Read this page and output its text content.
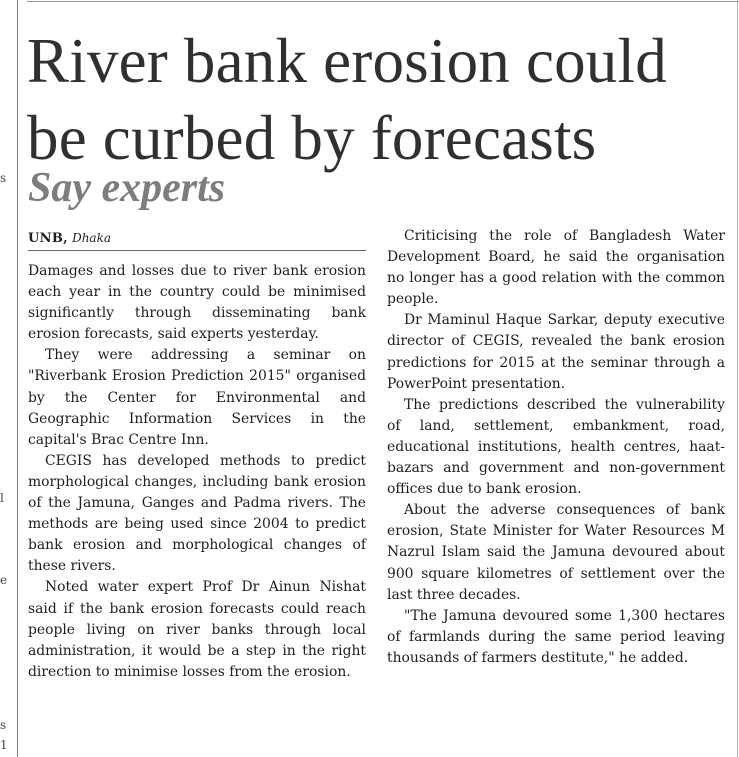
s
l
e
s
1
River bank erosion could be curbed by forecasts
Say experts
UNB, Dhaka

Damages and losses due to river bank erosion each year in the country could be minimised significantly through disseminating bank erosion forecasts, said experts yesterday.

They were addressing a seminar on "Riverbank Erosion Prediction 2015" organised by the Center for Environmental and Geographic Information Services in the capital's Brac Centre Inn.

CEGIS has developed methods to predict morphological changes, including bank erosion of the Jamuna, Ganges and Padma rivers. The methods are being used since 2004 to predict bank erosion and morphological changes of these rivers.

Noted water expert Prof Dr Ainun Nishat said if the bank erosion forecasts could reach people living on river banks through local administration, it would be a step in the right direction to minimise losses from the erosion.

Criticising the role of Bangladesh Water Development Board, he said the organisation no longer has a good relation with the common people.

Dr Maminul Haque Sarkar, deputy executive director of CEGIS, revealed the bank erosion predictions for 2015 at the seminar through a PowerPoint presentation.

The predictions described the vulnerability of land, settlement, embankment, road, educational institutions, health centres, haat-bazars and government and non-government offices due to bank erosion.

About the adverse consequences of bank erosion, State Minister for Water Resources M Nazrul Islam said the Jamuna devoured about 900 square kilometres of settlement over the last three decades.

"The Jamuna devoured some 1,300 hectares of farmlands during the same period leaving thousands of farmers destitute," he added.
